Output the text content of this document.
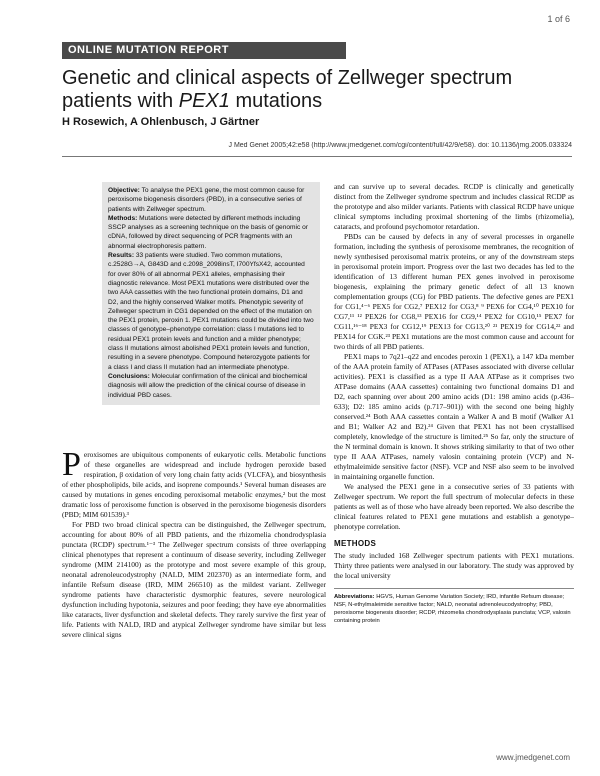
1 of 6
ONLINE MUTATION REPORT
Genetic and clinical aspects of Zellweger spectrum patients with PEX1 mutations
H Rosewich, A Ohlenbusch, J Gärtner
J Med Genet 2005;42:e58 (http://www.jmedgenet.com/cgi/content/full/42/9/e58). doi: 10.1136/jmg.2005.033324

Objective: To analyse the PEX1 gene, the most common cause for peroxisome biogenesis disorders (PBD), in a consecutive series of patients with Zellweger spectrum.

Methods: Mutations were detected by different methods including SSCP analyses as a screening technique on the basis of genomic or cDNA, followed by direct sequencing of PCR fragments with an abnormal electrophoresis pattern.

Results: 33 patients were studied. Two common mutations, c.2528G→A, G843D and c.2098_2098insT, I700YfsX42, accounted for over 80% of all abnormal PEX1 alleles, emphasising their diagnostic relevance. Most PEX1 mutations were distributed over the two AAA cassettes with the two functional protein domains, D1 and D2, and the highly conserved Walker motifs. Phenotypic severity of Zellweger spectrum in CG1 depended on the effect of the mutation on the PEX1 protein, peroxin 1. PEX1 mutations could be divided into two classes of genotype–phenotype correlation: class I mutations led to residual PEX1 protein levels and function and a milder phenotype; class II mutations almost abolished PEX1 protein levels and function, resulting in a severe phenotype. Compound heterozygote patients for a class I and class II mutation had an intermediate phenotype.

Conclusions: Molecular confirmation of the clinical and biochemical diagnosis will allow the prediction of the clinical course of disease in individual PBD cases.

Peroxisomes are ubiquitous components of eukaryotic cells. Metabolic functions of these organelles are widespread and include hydrogen peroxide based respiration, β oxidation of very long chain fatty acids (VLCFA), and biosynthesis of ether phospholipids, bile acids, and isoprene compounds.¹ Several human diseases are caused by mutations in genes encoding peroxisomal metabolic enzymes,² but the most dramatic loss of peroxisome function is observed in the peroxisome biogenesis disorders (PBD; MIM 601539).³

For PBD two broad clinical spectra can be distinguished, the Zellweger spectrum, accounting for about 80% of all PBD patients, and the rhizomelia chondrodysplasia punctata (RCDP) spectrum.¹⁻³ The Zellweger spectrum consists of three overlapping clinical phenotypes that represent a continuum of disease severity, including Zellweger syndrome (MIM 214100) as the prototype and most severe example of this group, neonatal adrenoleucodystrophy (NALD, MIM 202370) as an intermediate form, and infantile Refsum disease (IRD, MIM 266510) as the mildest variant. Zellweger syndrome patients have characteristic dysmorphic features, severe neurological dysfunction including hypotonia, seizures and poor feeding; they have eye abnormalities like cataracts, liver dysfunction and skeletal defects. They rarely survive the first year of life. Patients with NALD, IRD and atypical Zellweger syndrome have similar but less severe clinical signs

and can survive up to several decades. RCDP is clinically and genetically distinct from the Zellweger syndrome spectrum and includes classical RCDP as the prototype and also milder variants. Patients with classical RCDP have unique clinical symptoms including proximal shortening of the limbs (rhizomelia), cataracts, and profound psychomotor retardation.

PBDs can be caused by defects in any of several processes in organelle formation, including the synthesis of peroxisome membranes, the recognition of newly synthesised peroxisomal matrix proteins, or any of the downstream steps in peroxisomal protein import. Progress over the last two decades has led to the identification of 13 different human PEX genes involved in peroxisome biogenesis, explaining the primary genetic defect of all 13 known complementation groups (CG) for PBD patients. The defective genes are PEX1 for CG1,⁴⁻⁶ PEX5 for CG2,⁷ PEX12 for CG3,⁸ ⁹ PEX6 for CG4,¹⁰ PEX10 for CG7,¹¹ ¹² PEX26 for CG8,¹³ PEX16 for CG9,¹⁴ PEX2 for CG10,¹⁵ PEX7 for CG11,¹⁶⁻¹⁸ PEX3 for CG12,¹⁹ PEX13 for CG13,²⁰ ²¹ PEX19 for CG14,²² and PEX14 for CGK.²³ PEX1 mutations are the most common cause and account for two thirds of all PBD patients.

PEX1 maps to 7q21–q22 and encodes peroxin 1 (PEX1), a 147 kDa member of the AAA protein family of ATPases (ATPases associated with diverse cellular activities). PEX1 is classified as a type II AAA ATPase as it comprises two ATPase domains (AAA cassettes) containing two functional domains D1 and D2, each spanning over about 200 amino acids (D1: 198 amino acids (p.436–633); D2: 185 amino acids (p.717–901)) with the second one being highly conserved.²⁴ Both AAA cassettes contain a Walker A and B motif (Walker A1 and B1; Walker A2 and B2).²⁴ Given that PEX1 has not been crystallised completely, knowledge of the structure is limited.²⁵ So far, only the structure of the N terminal domain is known. It shows striking similarity to that of two other type II AAA ATPases, namely valosin containing protein (VCP) and N-ethylmaleimide sensitive factor (NSF). VCP and NSF also seem to be involved in maintaining organelle function.

We analysed the PEX1 gene in a consecutive series of 33 patients with Zellweger spectrum. We report the full spectrum of molecular defects in these patients as well as of those who have already been reported. We also describe the clinical features related to PEX1 gene mutations and establish a genotype–phenotype correlation.

METHODS

The study included 168 Zellweger spectrum patients with PEX1 mutations. Thirty three patients were analysed in our laboratory. The study was approved by the local university

Abbreviations: HGVS, Human Genome Variation Society; IRD, infantile Refsum disease; NSF, N-ethylmaleimide sensitive factor; NALD, neonatal adrenoleucodystrophy; PBD, peroxisome biogenesis disorder; RCDP, rhizomelia chondrodysplasia punctata; VCP, valosin containing protein
www.jmedgenet.com
